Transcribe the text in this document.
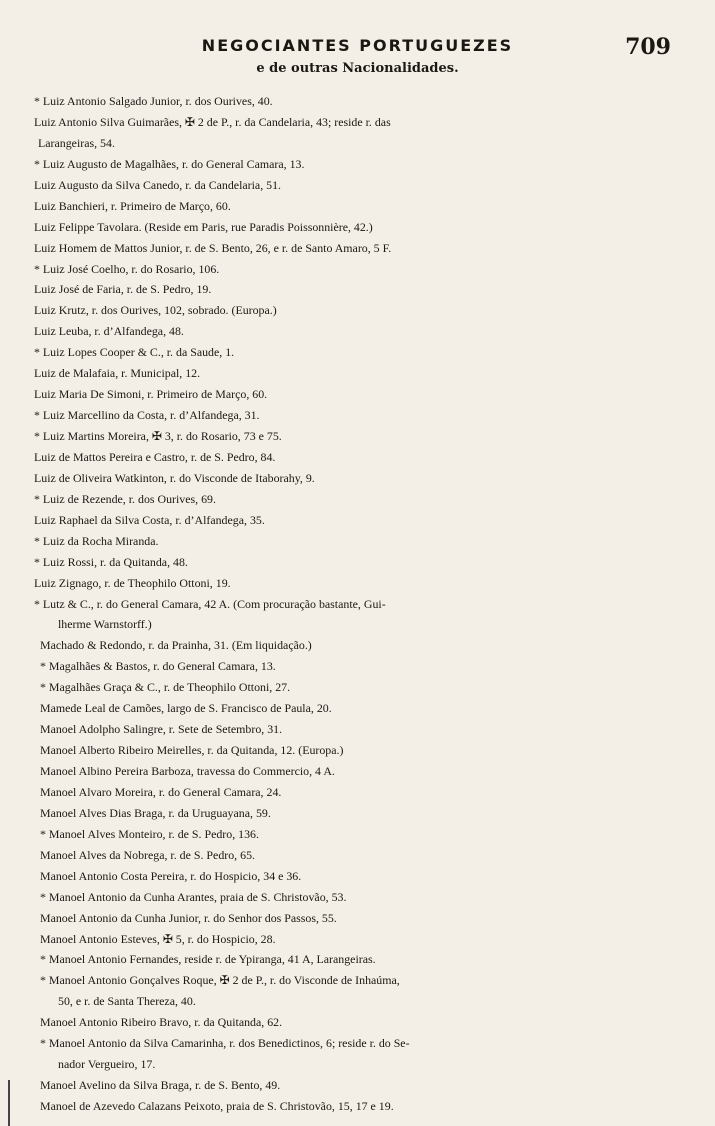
NEGOCIANTES PORTUGUEZES
e de outras Nacionalidades.
709
* Luiz Antonio Salgado Junior, r. dos Ourives, 40.
Luiz Antonio Silva Guimarães, ✠ 2 de P., r. da Candelaria, 43; reside r. das
Larangeiras, 54.
* Luiz Augusto de Magalhães, r. do General Camara, 13.
Luiz Augusto da Silva Canedo, r. da Candelaria, 51.
Luiz Banchieri, r. Primeiro de Março, 60.
Luiz Felippe Tavolara. (Reside em Paris, rue Paradis Poissonnière, 42.)
Luiz Homem de Mattos Junior, r. de S. Bento, 26, e r. de Santo Amaro, 5 F.
* Luiz José Coelho, r. do Rosario, 106.
Luiz José de Faria, r. de S. Pedro, 19.
Luiz Krutz, r. dos Ourives, 102, sobrado. (Europa.)
Luiz Leuba, r. d’Alfandega, 48.
* Luiz Lopes Cooper & C., r. da Saude, 1.
Luiz de Malafaia, r. Municipal, 12.
Luiz Maria De Simoni, r. Primeiro de Março, 60.
* Luiz Marcellino da Costa, r. d’Alfandega, 31.
* Luiz Martins Moreira, ✠ 3, r. do Rosario, 73 e 75.
Luiz de Mattos Pereira e Castro, r. de S. Pedro, 84.
Luiz de Oliveira Watkinton, r. do Visconde de Itaborahy, 9.
* Luiz de Rezende, r. dos Ourives, 69.
Luiz Raphael da Silva Costa, r. d’Alfandega, 35.
* Luiz da Rocha Miranda.
* Luiz Rossi, r. da Quitanda, 48.
Luiz Zignago, r. de Theophilo Ottoni, 19.
* Lutz & C., r. do General Camara, 42 A. (Com procuração bastante, Gui-
lherme Warnstorff.)
Machado & Redondo, r. da Prainha, 31. (Em liquidação.)
* Magalhães & Bastos, r. do General Camara, 13.
* Magalhães Graça & C., r. de Theophilo Ottoni, 27.
Mamede Leal de Camões, largo de S. Francisco de Paula, 20.
Manoel Adolpho Salingre, r. Sete de Setembro, 31.
Manoel Alberto Ribeiro Meirelles, r. da Quitanda, 12. (Europa.)
Manoel Albino Pereira Barboza, travessa do Commercio, 4 A.
Manoel Alvaro Moreira, r. do General Camara, 24.
Manoel Alves Dias Braga, r. da Uruguayana, 59.
* Manoel Alves Monteiro, r. de S. Pedro, 136.
Manoel Alves da Nobrega, r. de S. Pedro, 65.
Manoel Antonio Costa Pereira, r. do Hospicio, 34 e 36.
* Manoel Antonio da Cunha Arantes, praia de S. Christovão, 53.
Manoel Antonio da Cunha Junior, r. do Senhor dos Passos, 55.
Manoel Antonio Esteves, ✠ 5, r. do Hospicio, 28.
* Manoel Antonio Fernandes, reside r. de Ypiranga, 41 A, Larangeiras.
* Manoel Antonio Gonçalves Roque, ✠ 2 de P., r. do Visconde de Inhaúma,
50, e r. de Santa Thereza, 40.
Manoel Antonio Ribeiro Bravo, r. da Quitanda, 62.
* Manoel Antonio da Silva Camarinha, r. dos Benedictinos, 6; reside r. do Se-
nador Vergueiro, 17.
Manoel Avelino da Silva Braga, r. de S. Bento, 49.
Manoel de Azevedo Calazans Peixoto, praia de S. Christovão, 15, 17 e 19.
